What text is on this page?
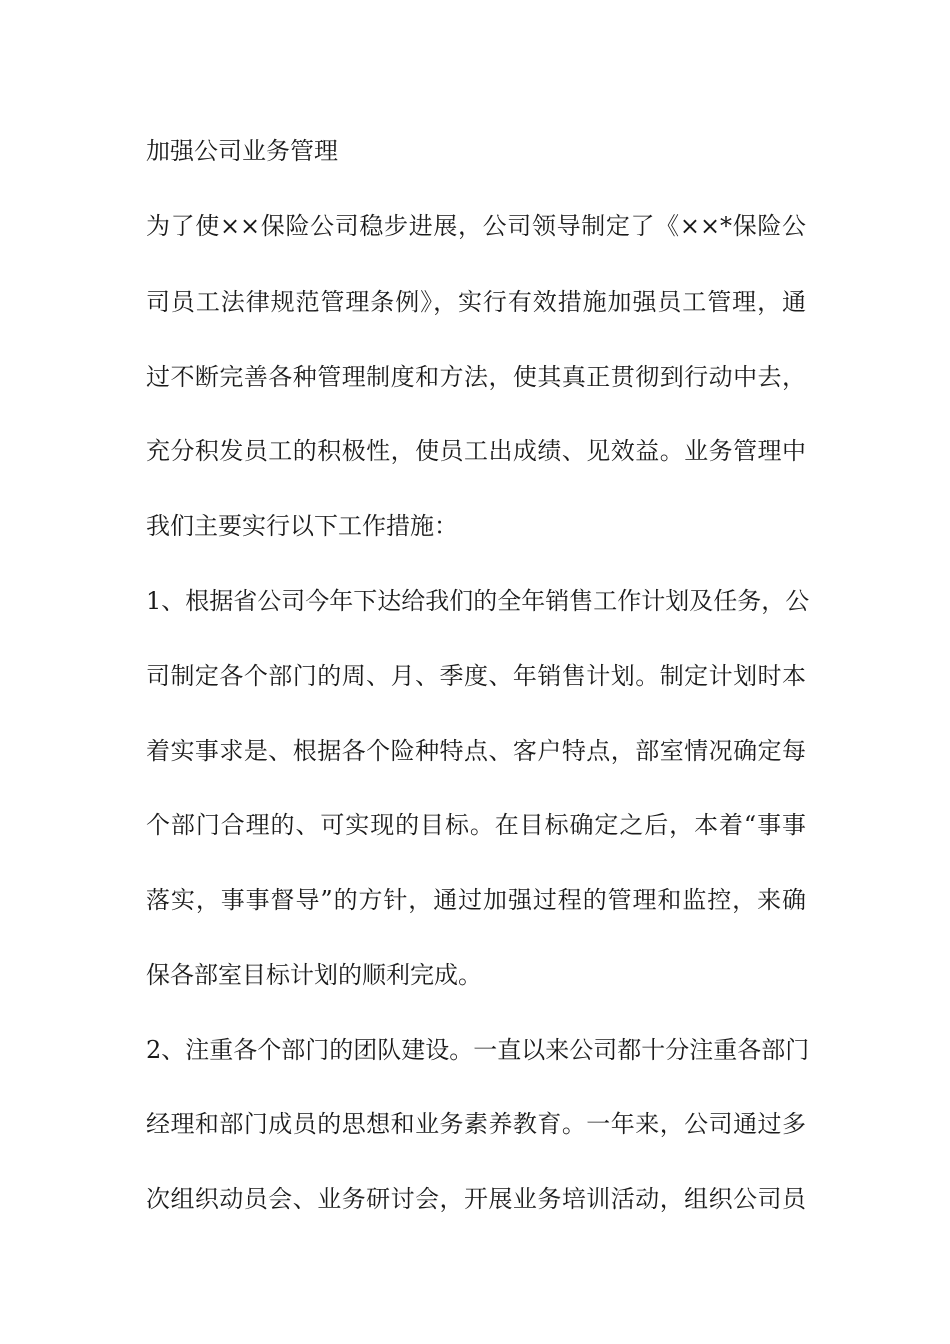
加强公司业务管理
为了使××保险公司稳步进展，公司领导制定了《××*保险公
司员工法律规范管理条例》，实行有效措施加强员工管理，通
过不断完善各种管理制度和方法，使其真正贯彻到行动中去，
充分积发员工的积极性，使员工出成绩、见效益。业务管理中
我们主要实行以下工作措施：
1、根据省公司今年下达给我们的全年销售工作计划及任务，公
司制定各个部门的周、月、季度、年销售计划。制定计划时本
着实事求是、根据各个险种特点、客户特点，部室情况确定每
个部门合理的、可实现的目标。在目标确定之后，本着“事事
落实，事事督导”的方针，通过加强过程的管理和监控，来确
保各部室目标计划的顺利完成。
2、注重各个部门的团队建设。一直以来公司都十分注重各部门
经理和部门成员的思想和业务素养教育。一年来，公司通过多
次组织动员会、业务研讨会，开展业务培训活动，组织公司员
